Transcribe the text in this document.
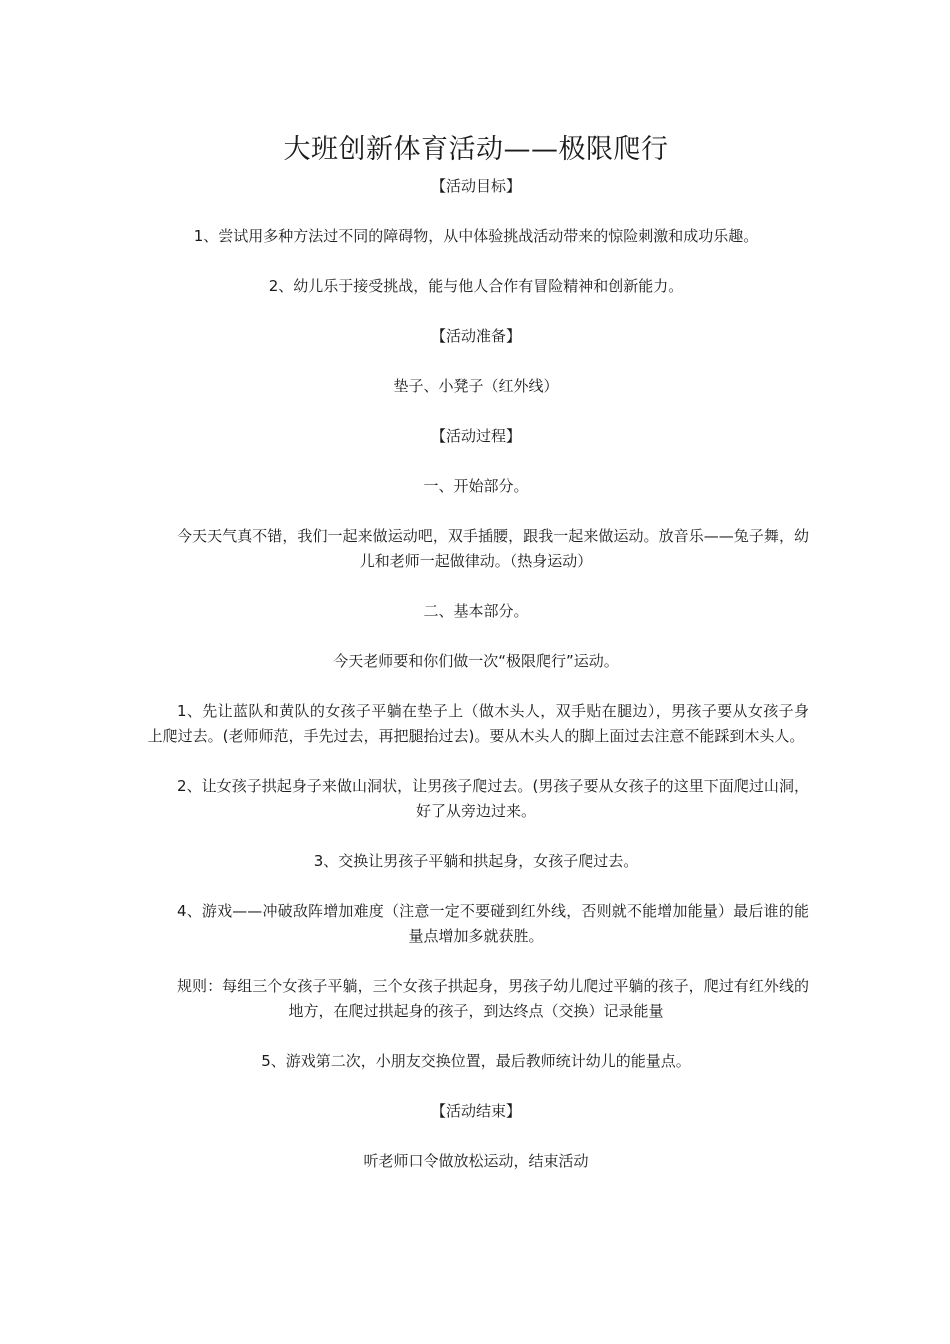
大班创新体育活动——极限爬行

【活动目标】

1、尝试用多种方法过不同的障碍物，从中体验挑战活动带来的惊险刺激和成功乐趣。

2、幼儿乐于接受挑战，能与他人合作有冒险精神和创新能力。

【活动准备】

垫子、小凳子（红外线）

【活动过程】

一、开始部分。

今天天气真不错，我们一起来做运动吧，双手插腰，跟我一起来做运动。放音乐——兔子舞，幼儿和老师一起做律动。（热身运动）

二、基本部分。

今天老师要和你们做一次“极限爬行”运动。

1、先让蓝队和黄队的女孩子平躺在垫子上（做木头人，双手贴在腿边），男孩子要从女孩子身上爬过去。(老师师范，手先过去，再把腿抬过去)。要从木头人的脚上面过去注意不能踩到木头人。

2、让女孩子拱起身子来做山洞状，让男孩子爬过去。(男孩子要从女孩子的这里下面爬过山洞，好了从旁边过来。

3、交换让男孩子平躺和拱起身，女孩子爬过去。

4、游戏——冲破敌阵增加难度（注意一定不要碰到红外线，否则就不能增加能量）最后谁的能量点增加多就获胜。

规则：每组三个女孩子平躺，三个女孩子拱起身，男孩子幼儿爬过平躺的孩子，爬过有红外线的地方，在爬过拱起身的孩子，到达终点（交换）记录能量

5、游戏第二次，小朋友交换位置，最后教师统计幼儿的能量点。

【活动结束】

听老师口令做放松运动，结束活动
